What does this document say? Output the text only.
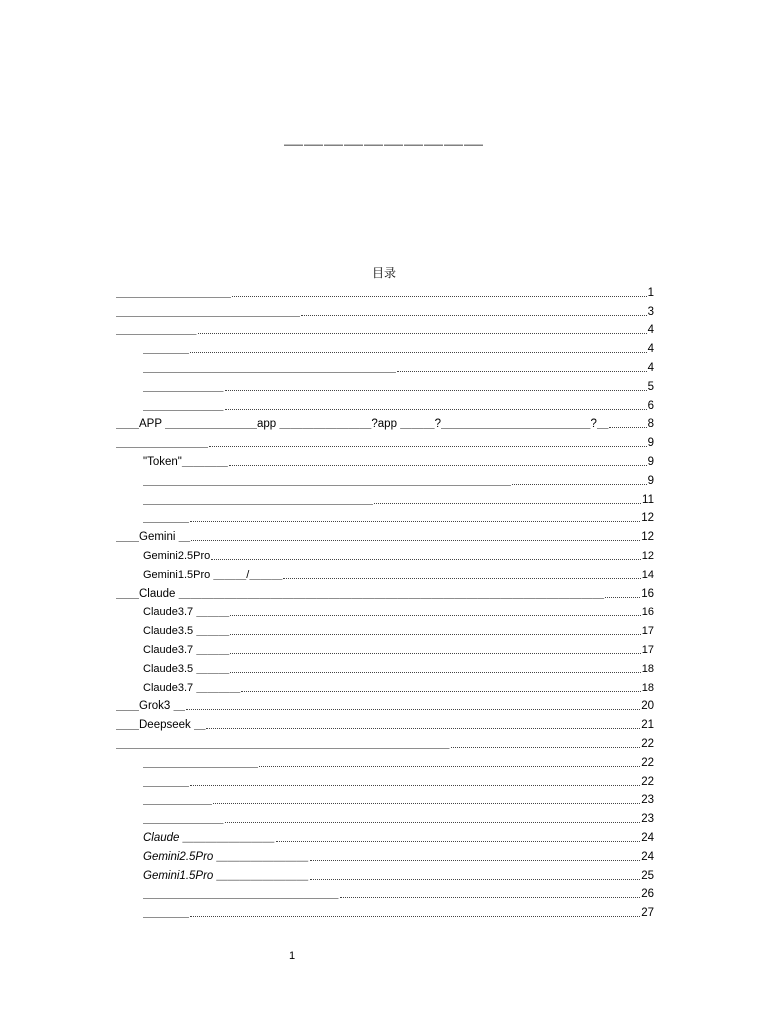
＿＿＿＿＿＿＿＿＿＿
目录
＿＿＿＿＿＿＿＿＿＿	1
＿＿＿＿＿＿＿＿＿＿＿＿＿＿＿＿	3
＿＿＿＿＿＿＿	4
＿＿＿＿	4
＿＿＿＿＿＿＿＿＿＿＿＿＿＿＿＿＿＿＿＿＿＿	4
＿＿＿＿＿＿＿	5
＿＿＿＿＿＿＿	6
＿＿APP ＿＿＿＿＿＿＿＿app ＿＿＿＿＿＿＿＿?app ＿＿＿?＿＿＿＿＿＿＿＿＿＿＿＿＿?＿	8
＿＿＿＿＿＿＿＿	9
"Token"＿＿＿＿	9
＿＿＿＿＿＿＿＿＿＿＿＿＿＿＿＿＿＿＿＿＿＿＿＿＿＿＿＿＿＿＿＿	9
＿＿＿＿＿＿＿＿＿＿＿＿＿＿＿＿＿＿＿＿	11
＿＿＿＿	12
＿＿Gemini ＿	12
Gemini2.5Pro	12
Gemini1.5Pro ＿＿＿/＿＿＿	14
＿＿Claude ＿＿＿＿＿＿＿＿＿＿＿＿＿＿＿＿＿＿＿＿＿＿＿＿＿＿＿＿＿＿＿＿＿＿＿＿＿	16
Claude3.7 ＿＿＿	16
Claude3.5 ＿＿＿	17
Claude3.7 ＿＿＿	17
Claude3.5 ＿＿＿	18
Claude3.7 ＿＿＿＿	18
＿＿Grok3 ＿	20
＿＿Deepseek ＿	21
＿＿＿＿＿＿＿＿＿＿＿＿＿＿＿＿＿＿＿＿＿＿＿＿＿＿＿＿＿	22
＿＿＿＿＿＿＿＿＿＿	22
＿＿＿＿	22
＿＿＿＿＿＿	23
＿＿＿＿＿＿＿	23
Claude ＿＿＿＿＿＿＿＿	24
Gemini2.5Pro ＿＿＿＿＿＿＿＿	24
Gemini1.5Pro ＿＿＿＿＿＿＿＿	25
＿＿＿＿＿＿＿＿＿＿＿＿＿＿＿＿＿	26
＿＿＿＿	27
1
